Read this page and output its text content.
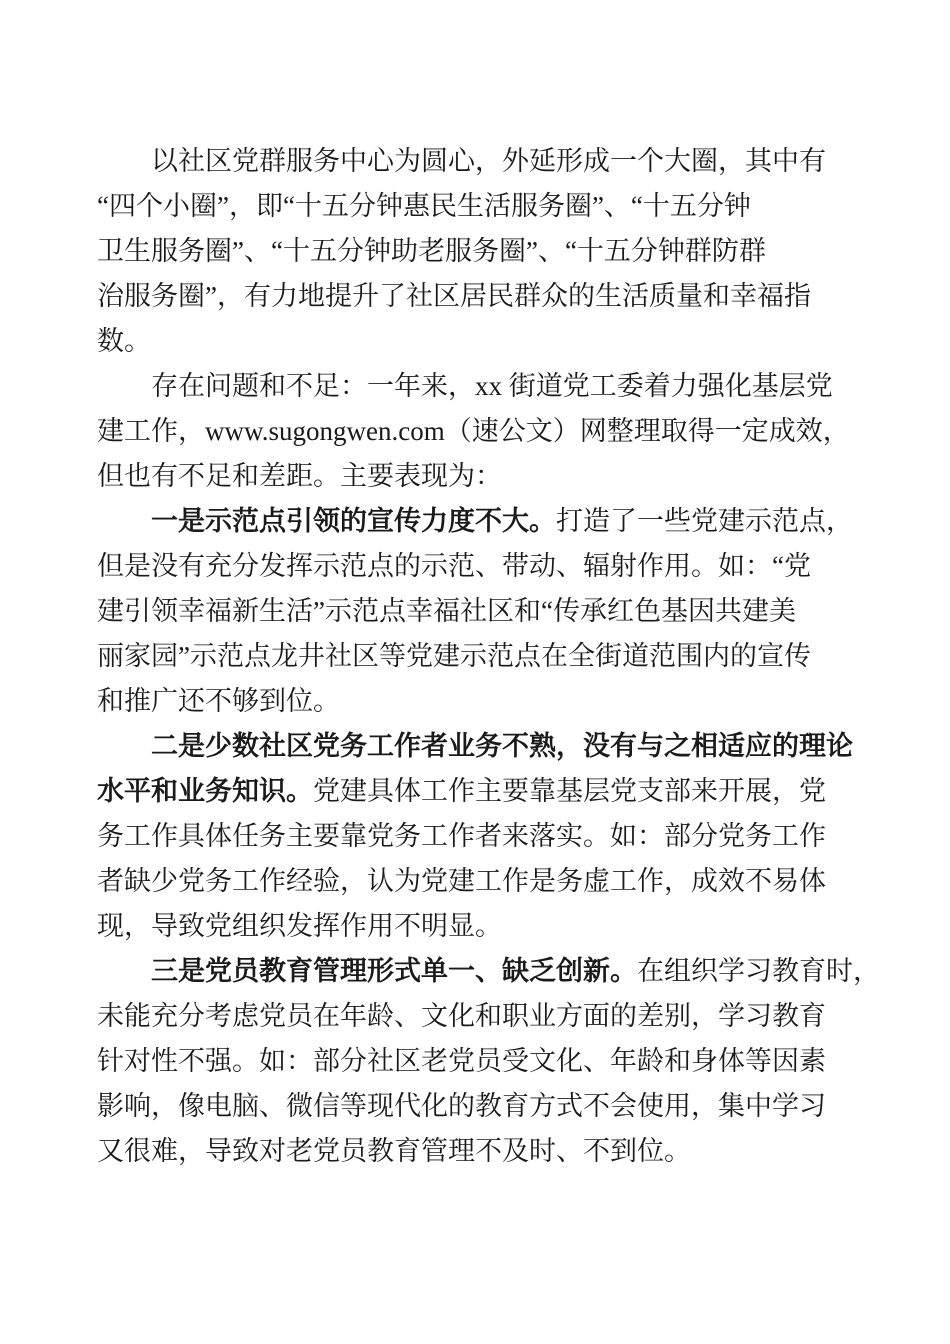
以社区党群服务中心为圆心，外延形成一个大圈，其中有
“四个小圈”，即“十五分钟惠民生活服务圈”、“十五分钟
卫生服务圈”、“十五分钟助老服务圈”、“十五分钟群防群
治服务圈”，有力地提升了社区居民群众的生活质量和幸福指
数。
存在问题和不足：一年来，xx 街道党工委着力强化基层党
建工作，www.sugongwen.com（速公文）网整理取得一定成效，
但也有不足和差距。主要表现为：
一是示范点引领的宣传力度不大。打造了一些党建示范点，
但是没有充分发挥示范点的示范、带动、辐射作用。如：“党
建引领幸福新生活”示范点幸福社区和“传承红色基因共建美
丽家园”示范点龙井社区等党建示范点在全街道范围内的宣传
和推广还不够到位。
二是少数社区党务工作者业务不熟，没有与之相适应的理论
水平和业务知识。党建具体工作主要靠基层党支部来开展，党
务工作具体任务主要靠党务工作者来落实。如：部分党务工作
者缺少党务工作经验，认为党建工作是务虚工作，成效不易体
现，导致党组织发挥作用不明显。
三是党员教育管理形式单一、缺乏创新。在组织学习教育时，
未能充分考虑党员在年龄、文化和职业方面的差别，学习教育
针对性不强。如：部分社区老党员受文化、年龄和身体等因素
影响，像电脑、微信等现代化的教育方式不会使用，集中学习
又很难，导致对老党员教育管理不及时、不到位。
